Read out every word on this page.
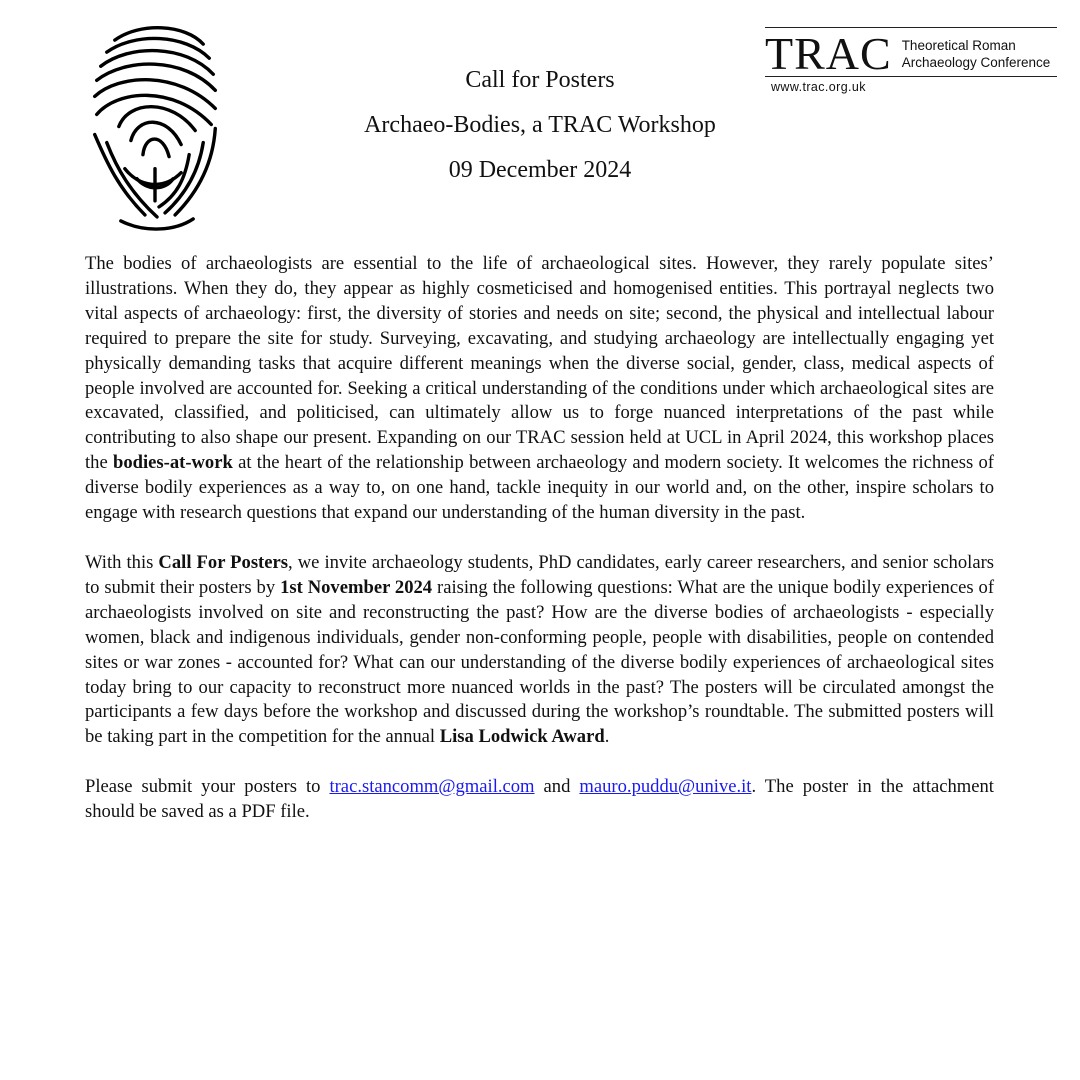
Call for Posters
Archaeo-Bodies, a TRAC Workshop
09 December 2024
TRAC Theoretical Roman
Archaeology Conference
www.trac.org.uk

The bodies of archaeologists are essential to the life of archaeological sites. However, they rarely populate sites’ illustrations. When they do, they appear as highly cosmeticised and homogenised entities. This portrayal neglects two vital aspects of archaeology: first, the diversity of stories and needs on site; second, the physical and intellectual labour required to prepare the site for study. Surveying, excavating, and studying archaeology are intellectually engaging yet physically demanding tasks that acquire different meanings when the diverse social, gender, class, medical aspects of people involved are accounted for. Seeking a critical understanding of the conditions under which archaeological sites are excavated, classified, and politicised, can ultimately allow us to forge nuanced interpretations of the past while contributing to also shape our present. Expanding on our TRAC session held at UCL in April 2024, this workshop places the bodies-at-work at the heart of the relationship between archaeology and modern society. It welcomes the richness of diverse bodily experiences as a way to, on one hand, tackle inequity in our world and, on the other, inspire scholars to engage with research questions that expand our understanding of the human diversity in the past.

With this Call For Posters, we invite archaeology students, PhD candidates, early career researchers, and senior scholars to submit their posters by 1st November 2024 raising the following questions: What are the unique bodily experiences of archaeologists involved on site and reconstructing the past? How are the diverse bodies of archaeologists - especially women, black and indigenous individuals, gender non-conforming people, people with disabilities, people on contended sites or war zones - accounted for? What can our understanding of the diverse bodily experiences of archaeological sites today bring to our capacity to reconstruct more nuanced worlds in the past? The posters will be circulated amongst the participants a few days before the workshop and discussed during the workshop’s roundtable. The submitted posters will be taking part in the competition for the annual Lisa Lodwick Award.

Please submit your posters to trac.stancomm@gmail.com and mauro.puddu@unive.it. The poster in the attachment should be saved as a PDF file.
